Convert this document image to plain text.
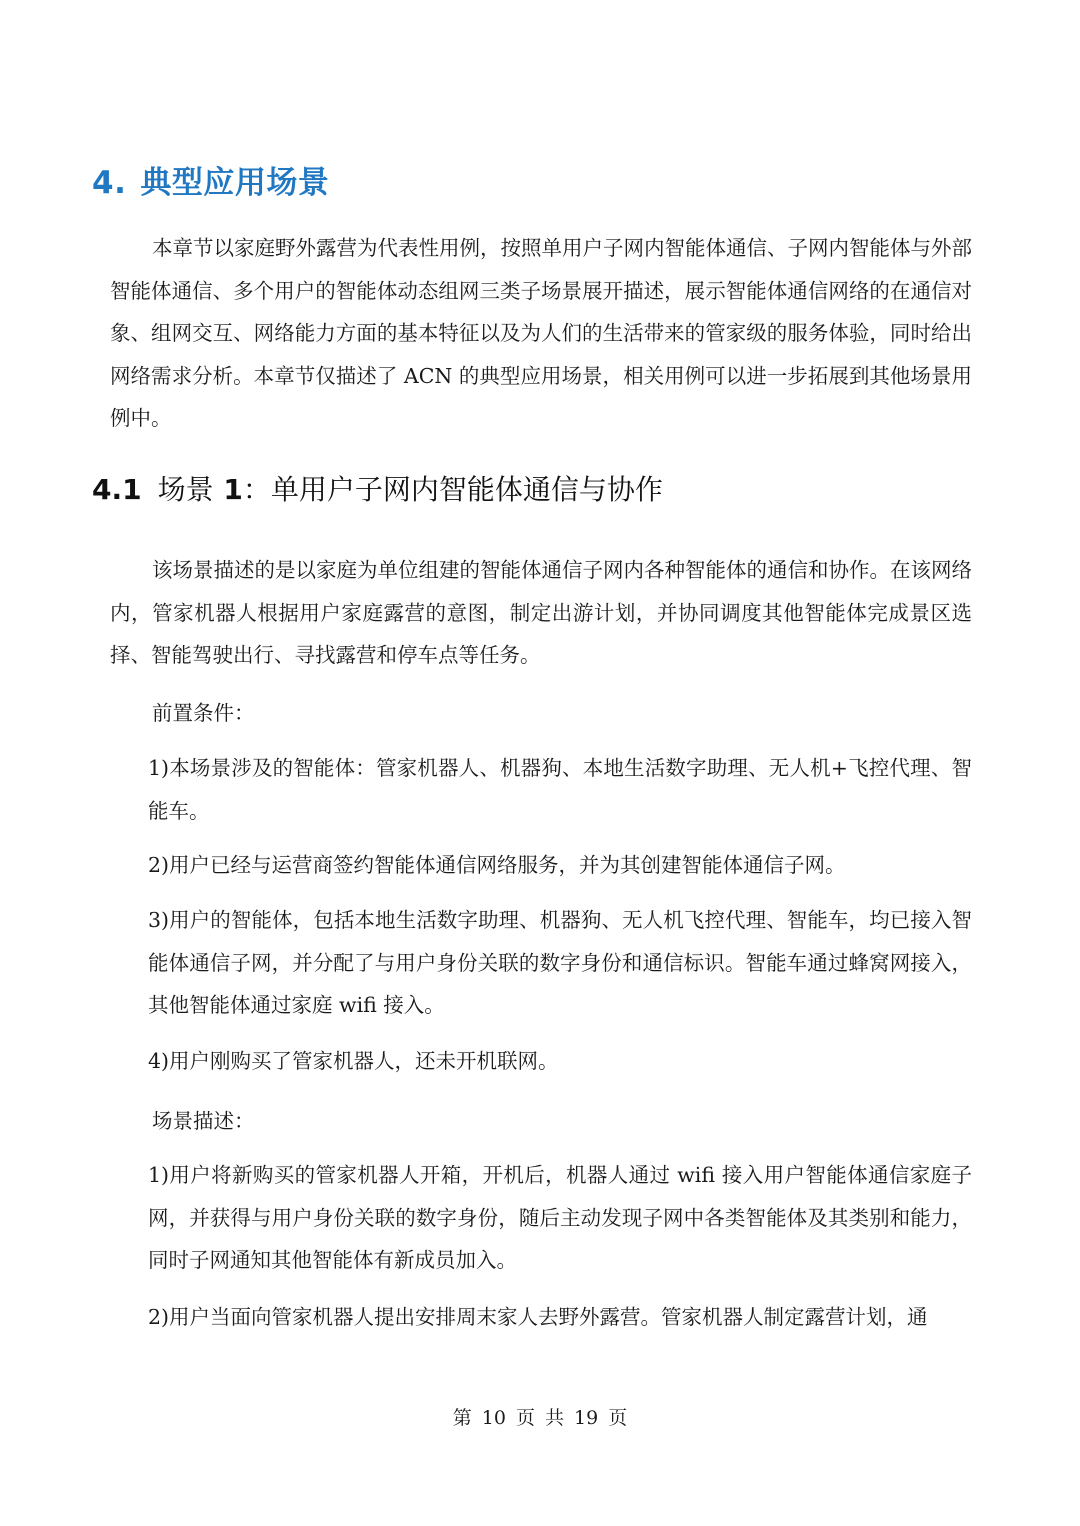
4. 典型应用场景

本章节以家庭野外露营为代表性用例，按照单用户子网内智能体通信、子网内智能体与外部智能体通信、多个用户的智能体动态组网三类子场景展开描述，展示智能体通信网络的在通信对象、组网交互、网络能力方面的基本特征以及为人们的生活带来的管家级的服务体验，同时给出网络需求分析。本章节仅描述了 ACN 的典型应用场景，相关用例可以进一步拓展到其他场景用例中。

4.1 场景 1：单用户子网内智能体通信与协作

该场景描述的是以家庭为单位组建的智能体通信子网内各种智能体的通信和协作。在该网络内，管家机器人根据用户家庭露营的意图，制定出游计划，并协同调度其他智能体完成景区选择、智能驾驶出行、寻找露营和停车点等任务。

前置条件：

1)本场景涉及的智能体：管家机器人、机器狗、本地生活数字助理、无人机+飞控代理、智能车。

2)用户已经与运营商签约智能体通信网络服务，并为其创建智能体通信子网。

3)用户的智能体，包括本地生活数字助理、机器狗、无人机飞控代理、智能车，均已接入智能体通信子网，并分配了与用户身份关联的数字身份和通信标识。智能车通过蜂窝网接入，其他智能体通过家庭 wifi 接入。

4)用户刚购买了管家机器人，还未开机联网。

场景描述：

1)用户将新购买的管家机器人开箱，开机后，机器人通过 wifi 接入用户智能体通信家庭子网，并获得与用户身份关联的数字身份，随后主动发现子网中各类智能体及其类别和能力，同时子网通知其他智能体有新成员加入。

2)用户当面向管家机器人提出安排周末家人去野外露营。管家机器人制定露营计划，通

第 10 页 共 19 页
